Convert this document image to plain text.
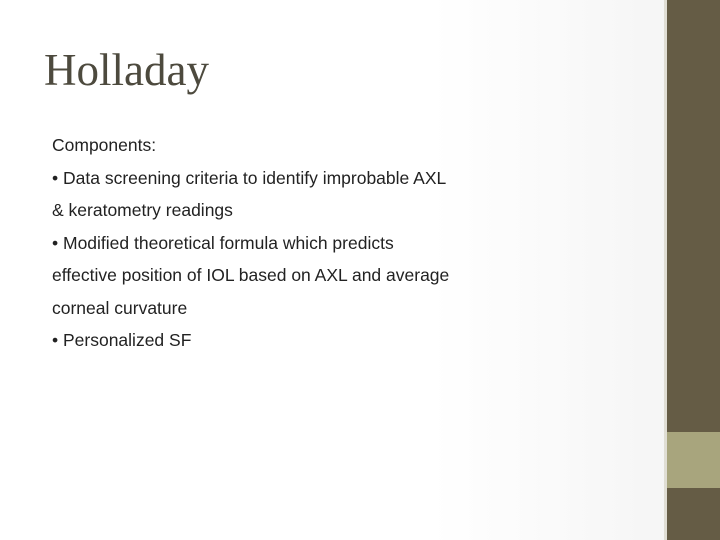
Holladay
Components:
• Data screening criteria to identify improbable AXL
& keratometry readings
• Modified theoretical formula which predicts
effective position of IOL based on AXL and average
corneal curvature
• Personalized SF
